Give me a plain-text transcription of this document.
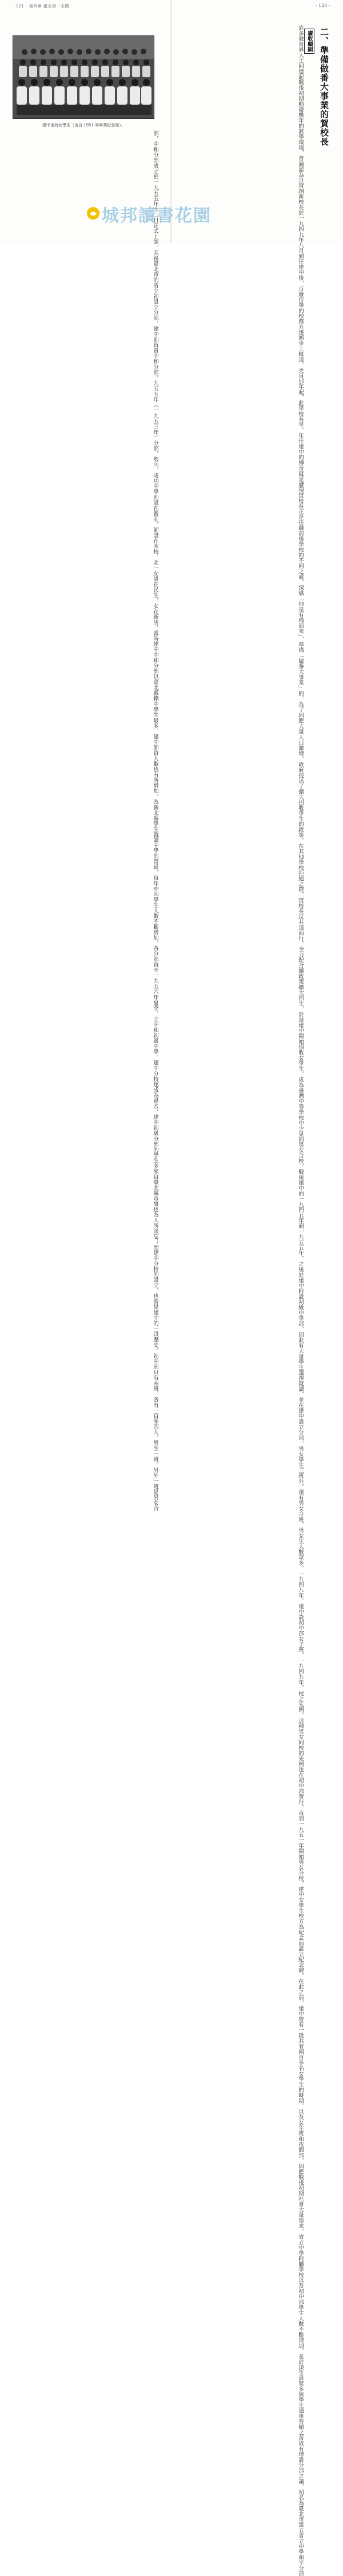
- 121 - 第四章 臺北第一志願
建中也有女學生（由自 1951 年畢業紀念冊）。
部，中和分部成立於一九五五年十二日正式上課，其後臺北市的省立初設立分部，建中則負責中和分部。九五五年（一九五三年）分部，勢內，成功中學則設在新莊，師設在本校，北一女設在民生，女在新店。當時建中中和分部以臺北縣籍中學生最多，建中師資人數也有所增加。為新北縣學生就讀中學的管道，每年亦因學生人數不斷增加，各分部直至一九五六年夏季，立中和初級中學，建中分校遂成為過去。建中初級分部的學生多來自臺北縣市事也為人所淡忘；而建中分校的設立，也曾是建中的一段歷史。初中部只有兩班，各有一百零四人，男生一班，另外一班是男女合
- 120 -
二、準備做番大事業的賀校長
廣收顧嗣
許多教育界人士回憶起戰後初期動盪幾年的教學環境，普遍認為自賀翊新校長於一九四九年八月到任建中後，百廢待舉的校務方逐漸步上軌道，更自那年起，此學校長早，年任建中的傳奇就是發現賀校長正是任職前後學校的不同之處，深感「他是有備而來」、準備「做番大事業」的，為了因應大量人口激增，政府提出了擴大招收學生的政策，在其他學校拒絕之際，賀校長反其道而行，全力配合擴政策擴大招生，於是建中開始招收女學生，成為臺灣中等學校中少見的男女合校，戰後建中的一九四五年到一九五五年，之後於建中附設初級中學部，因此有大量學生選擇就讀，並在建中設立分部，男女學生三班外，還有男女合班，男女生人數眾多，一九四八年，建中設初中部女子班，一九四九年，校之先例，這種男女同校的先例也在初中部實行，直到一九五一年開始男女分校，建中女學生校方為紀念而設立紀念碑，在此之前，建中曾有一段共有兩百多名女學生的時期，以及女生班和夜間部，因應戰後初期社會大量需求，省立中學附屬學校以及初中部學生人數不斷增加，並於淡生員眾多與學生通車勞頓之苦故有增設分部之議，初名為臺北市第五省立中學和平分部
城邦讀書花園
